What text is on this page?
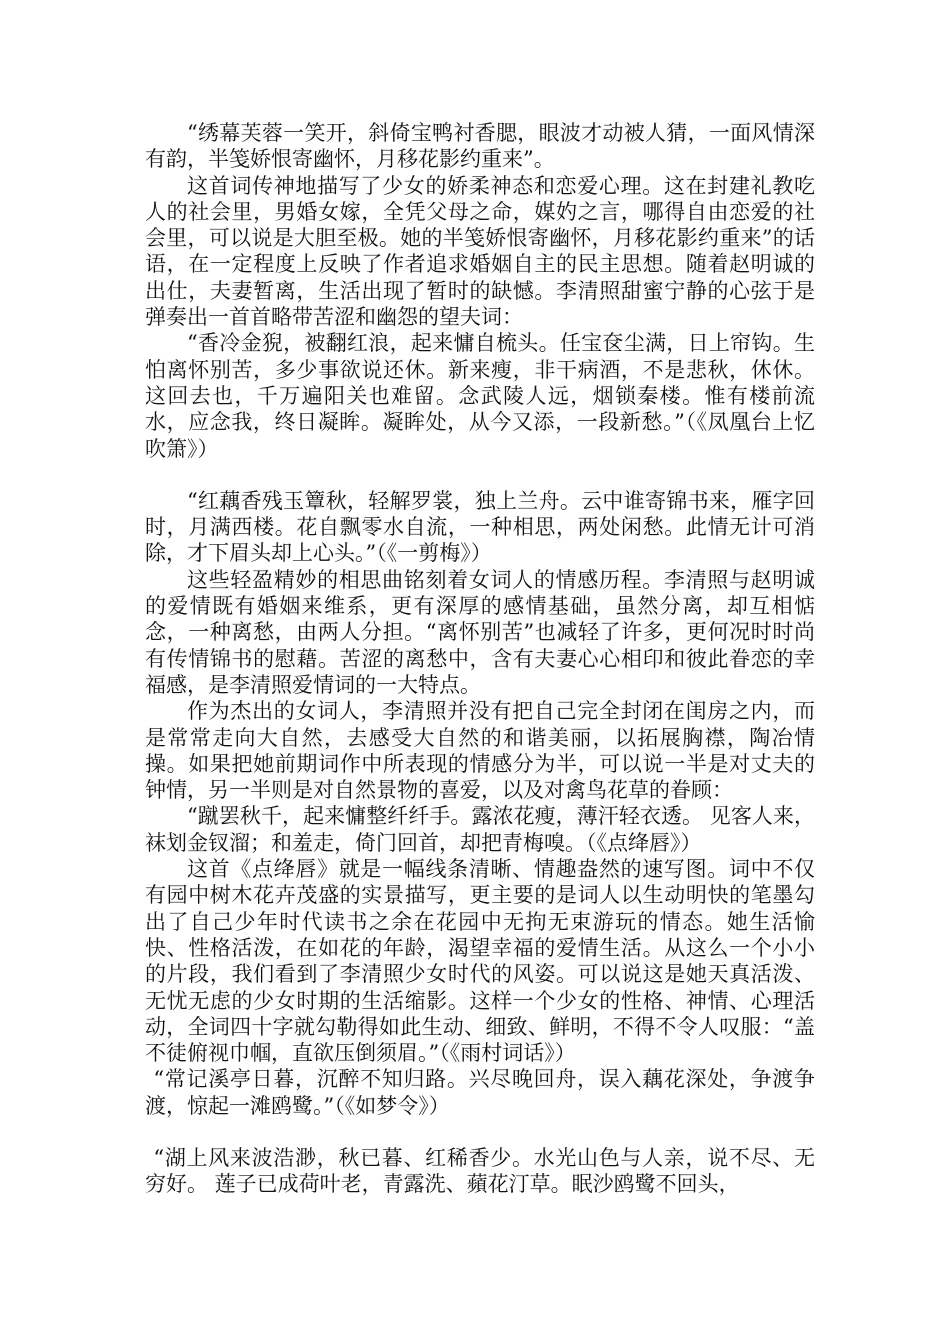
“绣幕芙蓉一笑开，斜倚宝鸭衬香腮，眼波才动被人猜，一面风情深有韵，半笺娇恨寄幽怀，月移花影约重来”。

这首词传神地描写了少女的娇柔神态和恋爱心理。这在封建礼教吃人的社会里，男婚女嫁，全凭父母之命，媒妁之言，哪得自由恋爱的社会里，可以说是大胆至极。她的半笺娇恨寄幽怀，月移花影约重来”的话语，在一定程度上反映了作者追求婚姻自主的民主思想。随着赵明诚的出仕，夫妻暂离，生活出现了暂时的缺憾。李清照甜蜜宁静的心弦于是弹奏出一首首略带苦涩和幽怨的望夫词：

“香冷金猊，被翻红浪，起来慵自梳头。任宝奁尘满，日上帘钩。生怕离怀别苦，多少事欲说还休。新来瘦，非干病酒，不是悲秋，休休。这回去也，千万遍阳关也难留。念武陵人远，烟锁秦楼。惟有楼前流水，应念我，终日凝眸。凝眸处，从今又添，一段新愁。”（《凤凰台上忆吹箫》）

“红藕香残玉簟秋，轻解罗裳，独上兰舟。云中谁寄锦书来，雁字回时，月满西楼。花自飘零水自流，一种相思，两处闲愁。此情无计可消除，才下眉头却上心头。”（《一剪梅》）

这些轻盈精妙的相思曲铭刻着女词人的情感历程。李清照与赵明诚的爱情既有婚姻来维系，更有深厚的感情基础，虽然分离，却互相惦念，一种离愁，由两人分担。“离怀别苦”也减轻了许多，更何况时时尚有传情锦书的慰藉。苦涩的离愁中，含有夫妻心心相印和彼此眷恋的幸福感，是李清照爱情词的一大特点。

作为杰出的女词人，李清照并没有把自己完全封闭在闺房之内，而是常常走向大自然，去感受大自然的和谐美丽，以拓展胸襟，陶冶情操。如果把她前期词作中所表现的情感分为半，可以说一半是对丈夫的钟情，另一半则是对自然景物的喜爱，以及对禽鸟花草的眷顾：

“蹴罢秋千，起来慵整纤纤手。露浓花瘦，薄汗轻衣透。 见客人来，袜划金钗溜；和羞走，倚门回首，却把青梅嗅。（《点绛唇》）

这首《点绛唇》就是一幅线条清晰、情趣盎然的速写图。词中不仅有园中树木花卉茂盛的实景描写，更主要的是词人以生动明快的笔墨勾出了自己少年时代读书之余在花园中无拘无束游玩的情态。她生活愉快、性格活泼，在如花的年龄，渴望幸福的爱情生活。从这么一个小小的片段，我们看到了李清照少女时代的风姿。可以说这是她天真活泼、无忧无虑的少女时期的生活缩影。这样一个少女的性格、神情、心理活动，全词四十字就勾勒得如此生动、细致、鲜明，不得不令人叹服：“盖不徒俯视巾帼，直欲压倒须眉。”（《雨村词话》）

“常记溪亭日暮，沉醉不知归路。兴尽晚回舟，误入藕花深处，争渡争渡，惊起一滩鸥鹭。”（《如梦令》）

“湖上风来波浩渺，秋已暮、红稀香少。水光山色与人亲，说不尽、无穷好。 莲子已成荷叶老，青露洗、蘋花汀草。眠沙鸥鹭不回头，
